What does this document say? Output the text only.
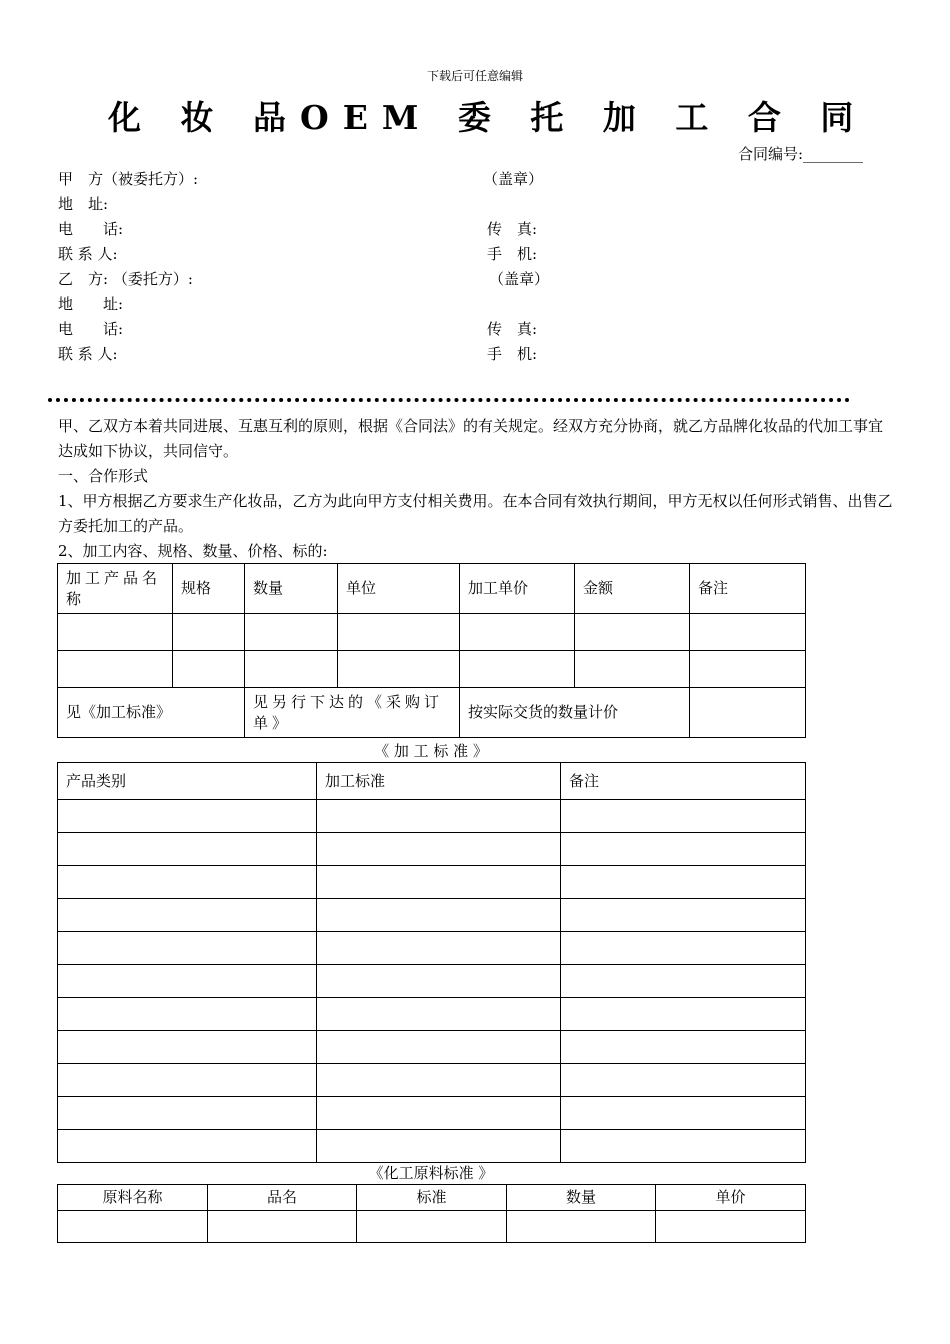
下载后可任意编辑
化 妆 品OEM 委 托 加 工 合 同
合同编号:________
甲　方（被委托方）:	（盖章）
地　址:
电　　话:	传　真:
联 系 人:	手　机:
乙　方: （委托方）:	（盖章）
地　　址:
电　　话:	传　真:
联 系 人:	手　机:
甲、乙双方本着共同进展、互惠互利的原则，根据《合同法》的有关规定。经双方充分协商，就乙方品牌化妆品的代加工事宜达成如下协议，共同信守。
一、合作形式
1、甲方根据乙方要求生产化妆品，乙方为此向甲方支付相关费用。在本合同有效执行期间，甲方无权以任何形式销售、出售乙方委托加工的产品。
2、加工内容、规格、数量、价格、标的:
加工产品名称	规格	数量	单位	加工单价	金额	备注

见《加工标准》		见另行下达的《采购订单》		按实际交货的数量计价		
《 加 工 标 准 》
产品类别	加工标准	备注

《化工原料标准 》
原料名称	品名	标准	数量	单价
